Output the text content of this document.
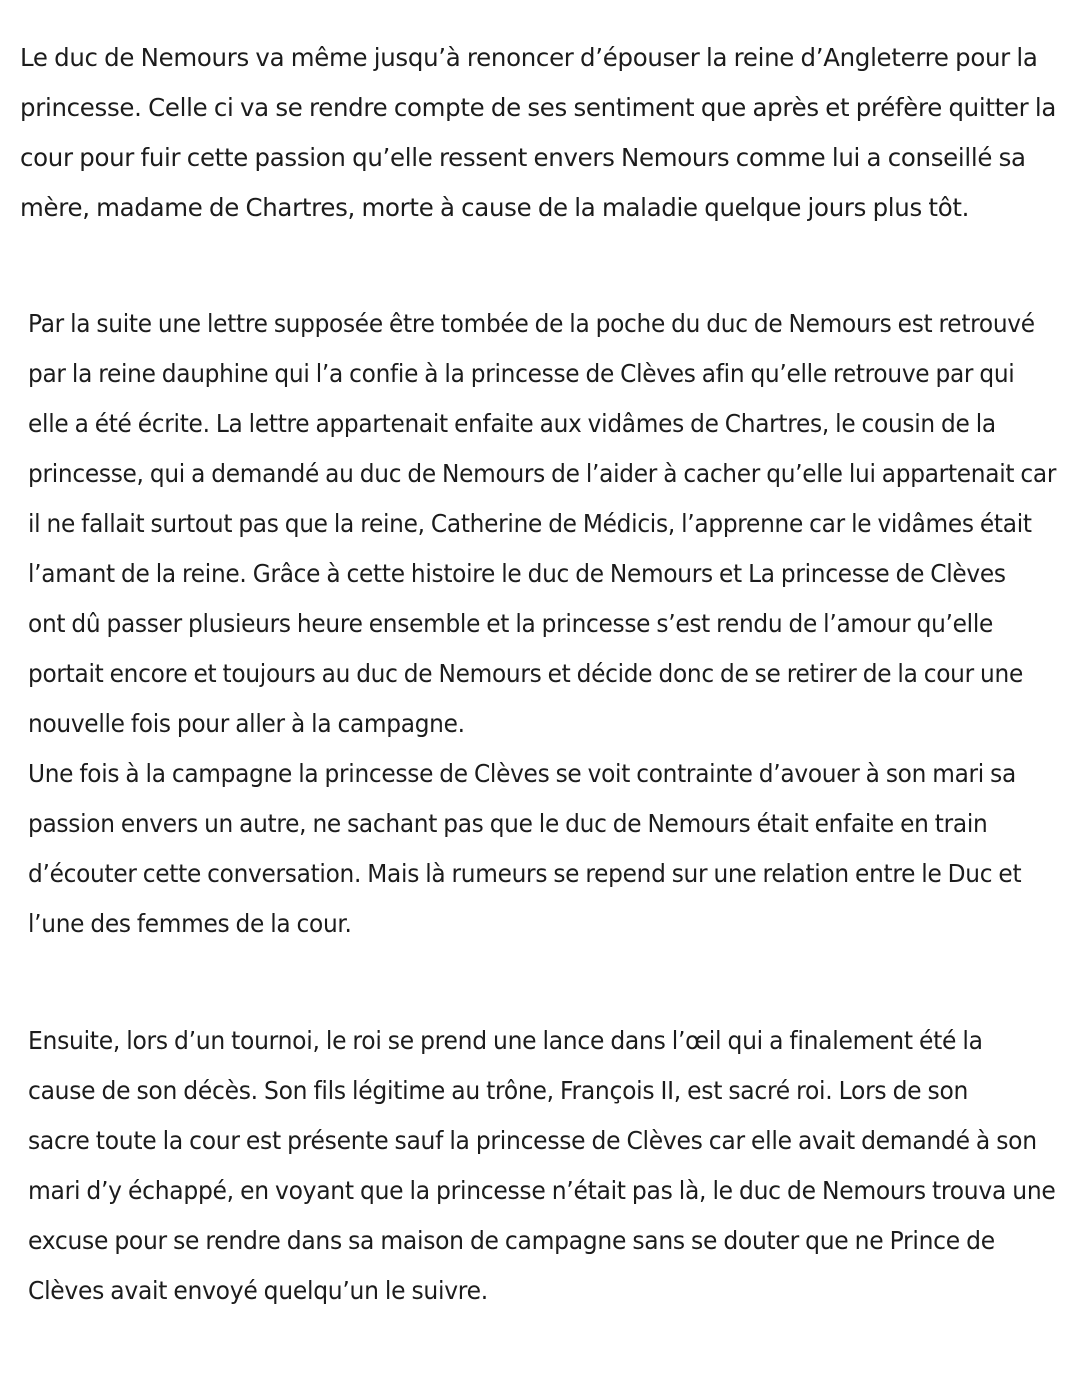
Le duc de Nemours va même jusqu’à renoncer d’épouser la reine d’Angleterre pour la
princesse. Celle ci va se rendre compte de ses sentiment que après et préfère quitter la
cour pour fuir cette passion qu’elle ressent envers Nemours comme lui a conseillé sa
mère, madame de Chartres, morte à cause de la maladie quelque jours plus tôt.

Par la suite une lettre supposée être tombée de la poche du duc de Nemours est retrouvé
par la reine dauphine qui l’a confie à la princesse de Clèves afin qu’elle retrouve par qui
elle a été écrite. La lettre appartenait enfaite aux vidâmes de Chartres, le cousin de la
princesse, qui a demandé au duc de Nemours de l’aider à cacher qu’elle lui appartenait car
il ne fallait surtout pas que la reine, Catherine de Médicis, l’apprenne car le vidâmes était
l’amant de la reine. Grâce à cette histoire le duc de Nemours et La princesse de Clèves
ont dû passer plusieurs heure ensemble et la princesse s’est rendu de l’amour qu’elle
portait encore et toujours au duc de Nemours et décide donc de se retirer de la cour une
nouvelle fois pour aller à la campagne.
Une fois à la campagne la princesse de Clèves se voit contrainte d’avouer à son mari sa
passion envers un autre, ne sachant pas que le duc de Nemours était enfaite en train
d’écouter cette conversation. Mais là rumeurs se repend sur une relation entre le Duc et
l’une des femmes de la cour.

Ensuite, lors d’un tournoi, le roi se prend une lance dans l’œil qui a finalement été la
cause de son décès. Son fils légitime au trône, François II, est sacré roi. Lors de son
sacre toute la cour est présente sauf la princesse de Clèves car elle avait demandé à son
mari d’y échappé, en voyant que la princesse n’était pas là, le duc de Nemours trouva une
excuse pour se rendre dans sa maison de campagne sans se douter que ne Prince de
Clèves avait envoyé quelqu’un le suivre.
